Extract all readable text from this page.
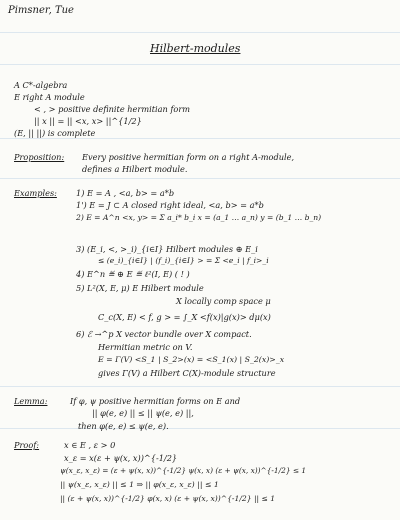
Pimsner, Tue
Hilbert-modules
A C*-algebra
E right A module
< , > positive definite hermitian form
|| x || = || <x, x> ||^{1/2}
(E, || ||) is complete
Proposition: Every positive hermitian form on a right A-module,
defines a Hilbert module.
Examples: 1) E = A , <a, b> = a*b
1') E = J ⊂ A closed right ideal, <a, b> = a*b
2) E = A^n <x, y> = Σ a_i* b_i x = (a_1 … a_n) y = (b_1 … b_n)
3) (E_i, <, >_i)_{i∈I} Hilbert modules ⊕ E_i
≤ (e_i)_{i∈I} | (f_i)_{i∈I} > = Σ <e_i | f_i>_i
4) E^n ≝ ⊕ E ≝ ℓ²(I, E) ( ! )
5) L²(X, E, μ) E Hilbert module
X locally comp space μ
C_c(X, E) < f, g > = ∫_X <f(x)|g(x)> dμ(x)
6) ℰ →^p X vector bundle over X compact.
Hermitian metric on V.
E = Γ(V) <S_1 | S_2>(x) = <S_1(x) | S_2(x)>_x
gives Γ(V) a Hilbert C(X)-module structure
Lemma:	If φ, ψ positive hermitian forms on E and
|| φ(e, e) || ≤ || ψ(e, e) ||,
then φ(e, e) ≤ ψ(e, e).
Proof:	x ∈ E , ε > 0
x_ε = x(ε + ψ(x, x))^{-1/2}
ψ(x_ε, x_ε) = (ε + ψ(x, x))^{-1/2} ψ(x, x) (ε + ψ(x, x))^{-1/2} ≤ 1
|| ψ(x_ε, x_ε) || ≤ 1 ⇒ || φ(x_ε, x_ε) || ≤ 1
|| (ε + ψ(x, x))^{-1/2} φ(x, x) (ε + ψ(x, x))^{-1/2} || ≤ 1
